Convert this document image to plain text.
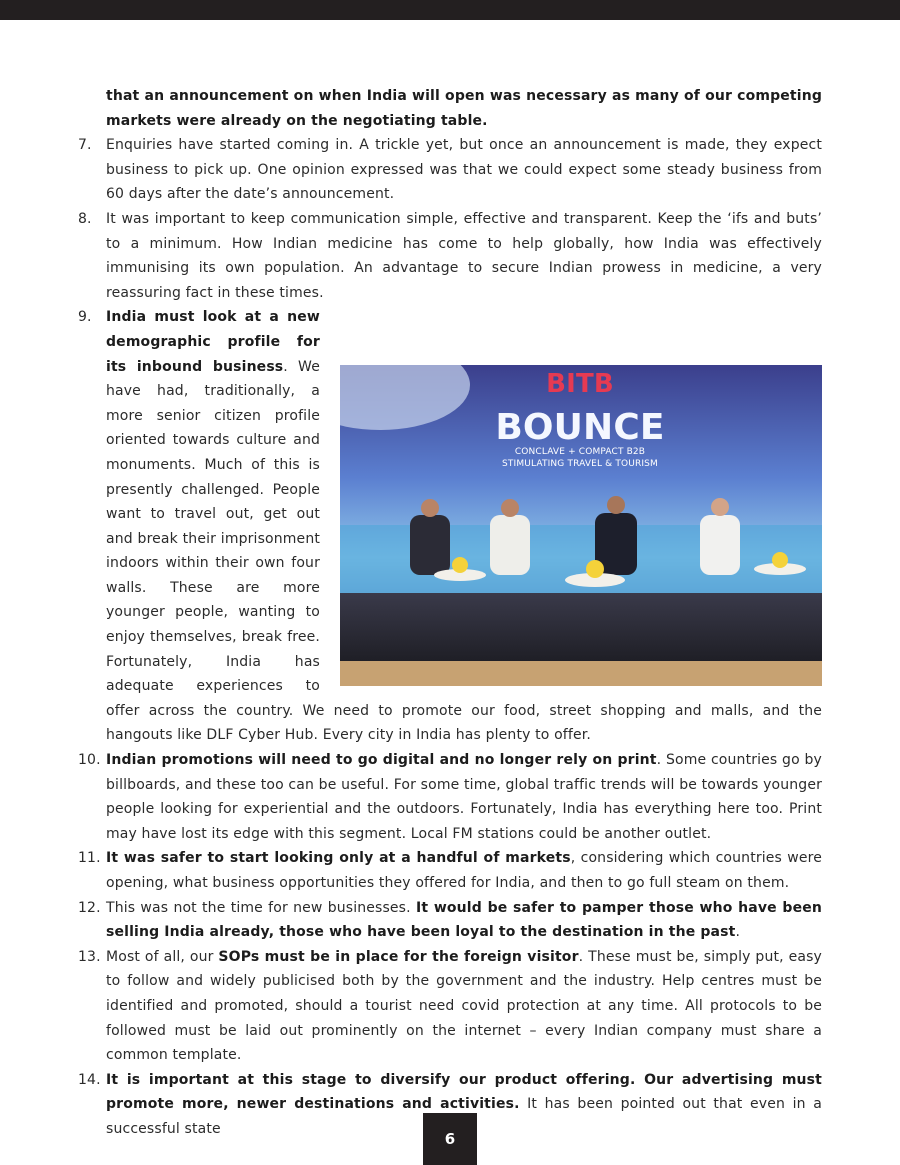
that an announcement on when India will open was necessary as many of our competing markets were already on the negotiating table.
7. Enquiries have started coming in. A trickle yet, but once an announcement is made, they expect business to pick up. One opinion expressed was that we could expect some steady business from 60 days after the date’s announcement.
8. It was important to keep communication simple, effective and transparent. Keep the ‘ifs and buts’ to a minimum. How Indian medicine has come to help globally, how India was effectively immunising its own population. An advantage to secure Indian prowess in medicine, a very reassuring fact in these times.
9.
BITB
BOUNCE
CONCLAVE + COMPACT B2B
STIMULATING TRAVEL & TOURISM
India must look at a new demographic profile for its inbound business. We have had, traditionally, a more senior citizen profile oriented towards culture and monuments. Much of this is presently challenged. People want to travel out, get out and break their imprisonment indoors within their own four walls. These are more younger people, wanting to enjoy themselves, break free. Fortunately, India has adequate experiences to offer across the country. We need to promote our food, street shopping and malls, and the hangouts like DLF Cyber Hub. Every city in India has plenty to offer.
10. Indian promotions will need to go digital and no longer rely on print. Some countries go by billboards, and these too can be useful. For some time, global traffic trends will be towards younger people looking for experiential and the outdoors. Fortunately, India has everything here too. Print may have lost its edge with this segment. Local FM stations could be another outlet.
11. It was safer to start looking only at a handful of markets, considering which countries were opening, what business opportunities they offered for India, and then to go full steam on them.
12. This was not the time for new businesses. It would be safer to pamper those who have been selling India already, those who have been loyal to the destination in the past.
13. Most of all, our SOPs must be in place for the foreign visitor. These must be, simply put, easy to follow and widely publicised both by the government and the industry. Help centres must be identified and promoted, should a tourist need covid protection at any time. All protocols to be followed must be laid out prominently on the internet – every Indian company must share a common template.
14. It is important at this stage to diversify our product offering. Our advertising must promote more, newer destinations and activities. It has been pointed out that even in a successful state
6
